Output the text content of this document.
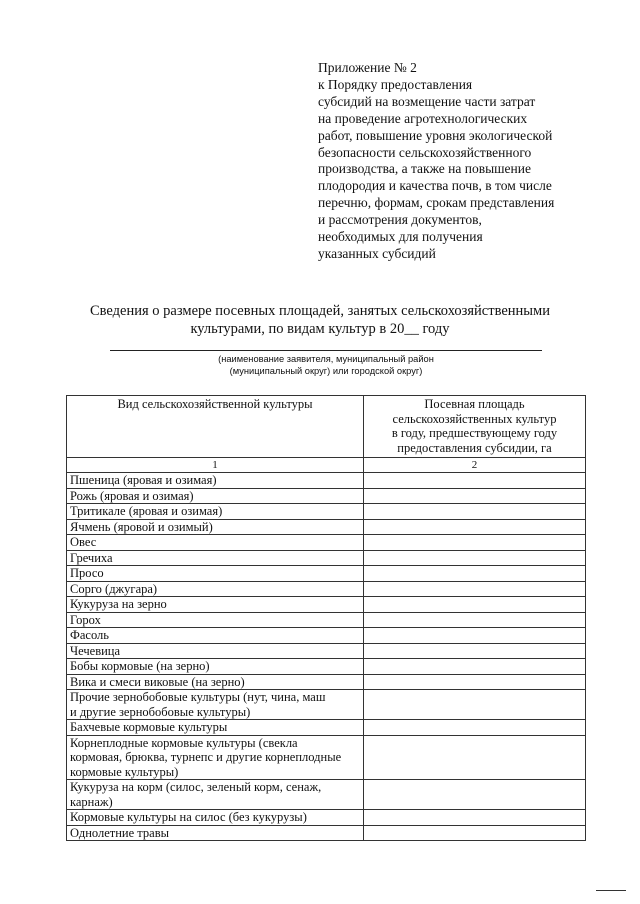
Приложение № 2
к Порядку предоставления
субсидий на возмещение части затрат
на проведение агротехнологических
работ, повышение уровня экологической
безопасности сельскохозяйственного
производства, а также на повышение
плодородия и качества почв, в том числе
перечню, формам, срокам представления
и рассмотрения документов,
необходимых для получения
указанных субсидий
Сведения о размере посевных площадей, занятых сельскохозяйственными
культурами, по видам культур в 20__ году
(наименование заявителя, муниципальный район
(муниципальный округ) или городской округ)
Вид сельскохозяйственной культуры	Посевная площадь
сельскохозяйственных культур
в году, предшествующему году
предоставления субсидии, га

1	2

Пшеница (яровая и озимая)	

Рожь (яровая и озимая)	

Тритикале (яровая и озимая)	

Ячмень (яровой и озимый)	

Овес	

Гречиха	

Просо	

Сорго (джугара)	

Кукуруза на зерно	

Горох	

Фасоль	

Чечевица	

Бобы кормовые (на зерно)	

Вика и смеси виковые (на зерно)	

Прочие зернобобовые культуры (нут, чина, маш
и другие зернобобовые культуры)	

Бахчевые кормовые культуры	

Корнеплодные кормовые культуры (свекла
кормовая, брюква, турнепс и другие корнеплодные
кормовые культуры)	

Кукуруза на корм (силос, зеленый корм, сенаж,
карнаж)	

Кормовые культуры на силос (без кукурузы)	

Однолетние травы	
